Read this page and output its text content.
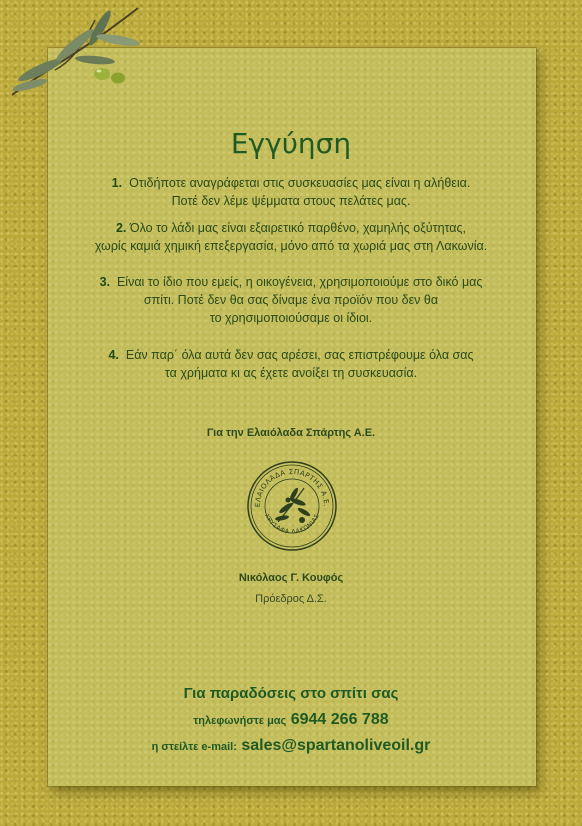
Εγγύηση
1. Οτιδήποτε αναγράφεται στις συσκευασίες μας είναι η αλήθεια.
Ποτέ δεν λέμε ψέμματα στους πελάτες μας.
2. Όλο το λάδι μας είναι εξαιρετικό παρθένο, χαμηλής οξύτητας,
χωρίς καμιά χημική επεξεργασία, μόνο από τα χωριά μας στη Λακωνία.
3. Είναι το ίδιο που εμείς, η οικογένεια, χρησιμοποιούμε στο δικό μας
σπίτι. Ποτέ δεν θα σας δίναμε ένα προϊόν που δεν θα
το χρησιμοποιούσαμε οι ίδιοι.
4. Εάν παρ΄ όλα αυτά δεν σας αρέσει, σας επιστρέφουμε όλα σας
τα χρήματα κι ας έχετε ανοίξει τη συσκευασία.
Για την Ελαιόλαδα Σπάρτης Α.Ε.
ΕΛΑΙΟΛΑΔΑ ΣΠΑΡΤΗΣ Α.Ε.
ΧΡΥΣΑΦΑ ΛΑΚΩΝΙΑΣ
Νικόλαος Γ. Κουφός
Πρόεδρος Δ.Σ.
Για παραδόσεις στο σπίτι σας
τηλεφωνήστε μας 6944 266 788
η στείλτε e-mail: sales@spartanoliveoil.gr
